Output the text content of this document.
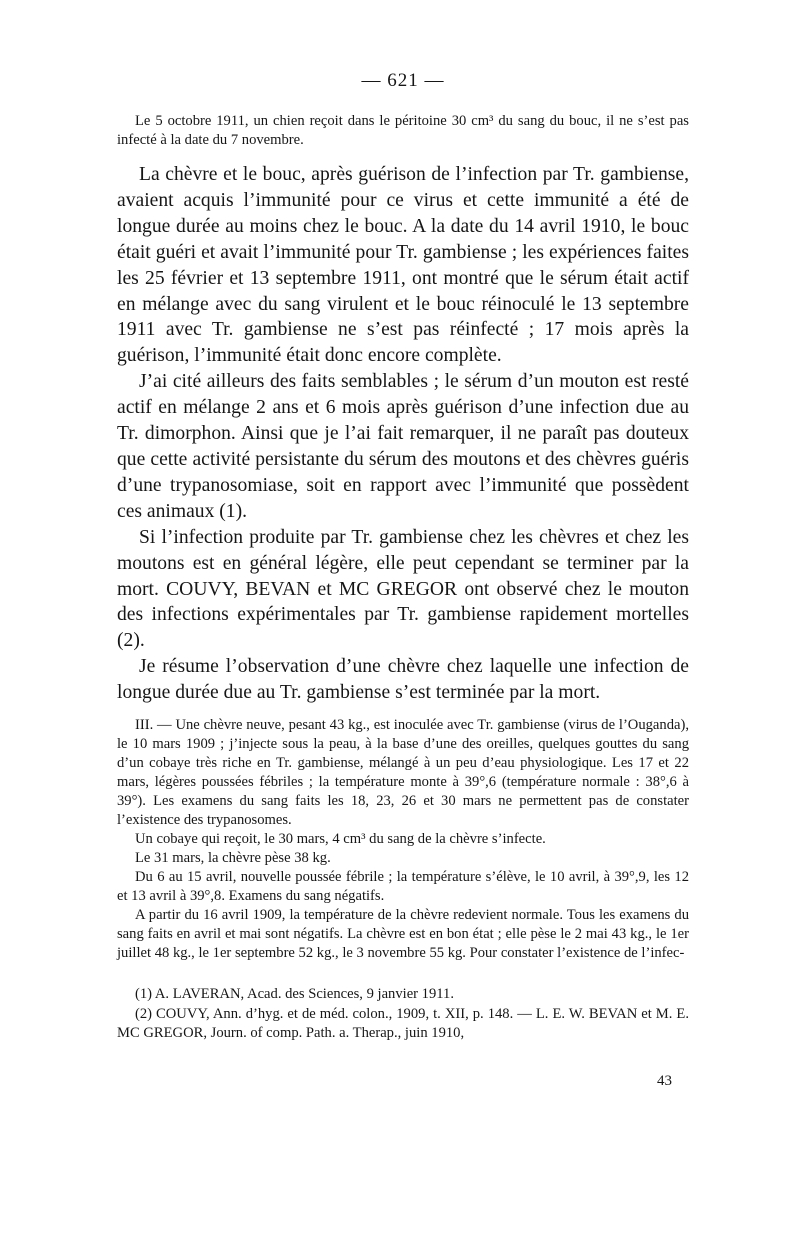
— 621 —

Le 5 octobre 1911, un chien reçoit dans le péritoine 30 cm³ du sang du bouc, il ne s’est pas infecté à la date du 7 novembre.

La chèvre et le bouc, après guérison de l’infection par Tr. gambiense, avaient acquis l’immunité pour ce virus et cette immunité a été de longue durée au moins chez le bouc. A la date du 14 avril 1910, le bouc était guéri et avait l’immunité pour Tr. gambiense ; les expériences faites les 25 février et 13 septembre 1911, ont montré que le sérum était actif en mélange avec du sang virulent et le bouc réinoculé le 13 septembre 1911 avec Tr. gambiense ne s’est pas réinfecté ; 17 mois après la guérison, l’immunité était donc encore complète.

J’ai cité ailleurs des faits semblables ; le sérum d’un mouton est resté actif en mélange 2 ans et 6 mois après guérison d’une infection due au Tr. dimorphon. Ainsi que je l’ai fait remarquer, il ne paraît pas douteux que cette activité persistante du sérum des moutons et des chèvres guéris d’une trypanosomiase, soit en rapport avec l’immunité que possèdent ces animaux (1).

Si l’infection produite par Tr. gambiense chez les chèvres et chez les moutons est en général légère, elle peut cependant se terminer par la mort. COUVY, BEVAN et MC GREGOR ont observé chez le mouton des infections expérimentales par Tr. gambiense rapidement mortelles (2).

Je résume l’observation d’une chèvre chez laquelle une infection de longue durée due au Tr. gambiense s’est terminée par la mort.

III. — Une chèvre neuve, pesant 43 kg., est inoculée avec Tr. gambiense (virus de l’Ouganda), le 10 mars 1909 ; j’injecte sous la peau, à la base d’une des oreilles, quelques gouttes du sang d’un cobaye très riche en Tr. gambiense, mélangé à un peu d’eau physiologique. Les 17 et 22 mars, légères poussées fébriles ; la température monte à 39°,6 (température normale : 38°,6 à 39°). Les examens du sang faits les 18, 23, 26 et 30 mars ne permettent pas de constater l’existence des trypanosomes.

Un cobaye qui reçoit, le 30 mars, 4 cm³ du sang de la chèvre s’infecte.

Le 31 mars, la chèvre pèse 38 kg.

Du 6 au 15 avril, nouvelle poussée fébrile ; la température s’élève, le 10 avril, à 39°,9, les 12 et 13 avril à 39°,8. Examens du sang négatifs.

A partir du 16 avril 1909, la température de la chèvre redevient normale. Tous les examens du sang faits en avril et mai sont négatifs. La chèvre est en bon état ; elle pèse le 2 mai 43 kg., le 1er juillet 48 kg., le 1er septembre 52 kg., le 3 novembre 55 kg. Pour constater l’existence de l’infec-

(1) A. LAVERAN, Acad. des Sciences, 9 janvier 1911.

(2) COUVY, Ann. d’hyg. et de méd. colon., 1909, t. XII, p. 148. — L. E. W. BEVAN et M. E. MC GREGOR, Journ. of comp. Path. a. Therap., juin 1910,

43
